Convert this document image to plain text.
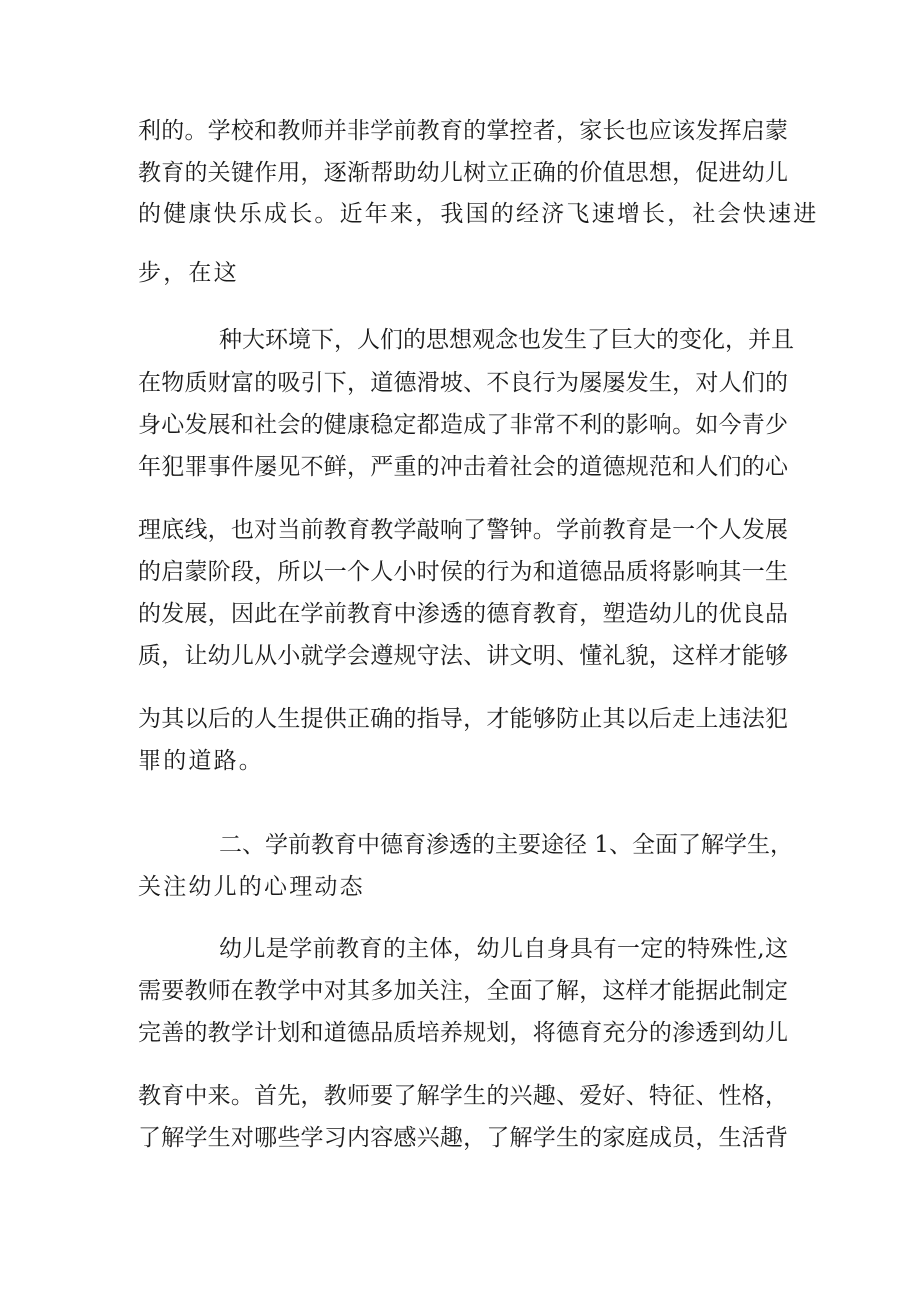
利的。学校和教师并非学前教育的掌控者，家长也应该发挥启蒙
教育的关键作用，逐渐帮助幼儿树立正确的价值思想，促进幼儿
的健康快乐成长。近年来，我国的经济飞速增长，社会快速进
步，在这
种大环境下，人们的思想观念也发生了巨大的变化，并且
在物质财富的吸引下，道德滑坡、不良行为屡屡发生，对人们的
身心发展和社会的健康稳定都造成了非常不利的影响。如今青少
年犯罪事件屡见不鲜，严重的冲击着社会的道德规范和人们的心
理底线，也对当前教育教学敲响了警钟。学前教育是一个人发展
的启蒙阶段，所以一个人小时侯的行为和道德品质将影响其一生
的发展，因此在学前教育中渗透的德育教育，塑造幼儿的优良品
质，让幼儿从小就学会遵规守法、讲文明、懂礼貌，这样才能够
为其以后的人生提供正确的指导，才能够防止其以后走上违法犯
罪的道路。
二、学前教育中德育渗透的主要途径 1、全面了解学生，
关注幼儿的心理动态
幼儿是学前教育的主体，幼儿自身具有一定的特殊性,这
需要教师在教学中对其多加关注，全面了解，这样才能据此制定
完善的教学计划和道德品质培养规划，将德育充分的渗透到幼儿
教育中来。首先，教师要了解学生的兴趣、爱好、特征、性格，
了解学生对哪些学习内容感兴趣，了解学生的家庭成员，生活背
